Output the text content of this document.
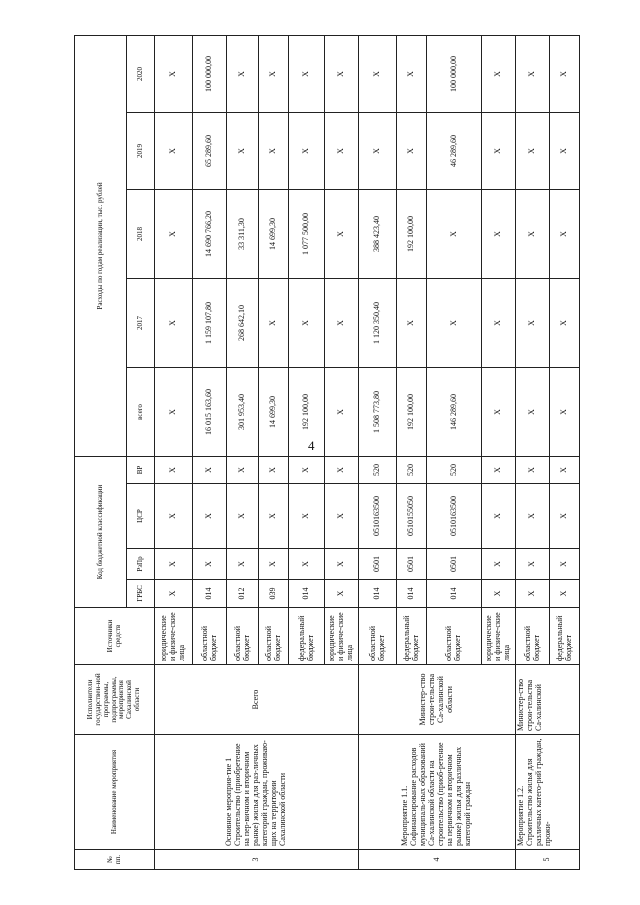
4
№ пп.	Наименование мероприятия	Исполнители государствен-ной программы, подпрограммы, мероприятия Сахалинской области	Источники средств	Код бюджетной классификации				Расходы по годам реализации, тыс. рублей				
				ГРБС	РзПр	ЦСР	ВР	всего	2017	2018	2019	2020
3	Основное мероприя-тие 1 Строительство (приобретение на пер-вичном и вторичном рынке) жилья для раз-личных категорий граждан, проживаю-щих на территории Сахалинской области	Всего	юридические и физиче-ские лица	Х	Х	Х	Х	Х	Х	Х	Х	Х
			областной бюджет	014	Х	Х	Х	16 015 163,60	1 159 107,80	14 690 766,20	65 289,60	100 000,00
			областной бюджет	012	Х	Х	Х	301 953,40	268 642,10	33 311,30	Х	Х
			областной бюджет	039	Х	Х	Х	14 699,30	Х	14 699,30	Х	Х
			федеральный бюджет	014	Х	Х	Х	192 100,00	Х	1 077 500,00	Х	Х
			юридические и физиче-ские лица	Х	Х	Х	Х	Х	Х	Х	Х	Х
4	Мероприятие 1.1. Софинансирование расходов муниципаль-ных образований Са-халинской области на строительство (приоб-ретение на первичном и вторичном рынке) жилья для различных категорий граждан	Министер-ство строи-тельства Са-халинской области	областной бюджет	014	0501	0510163500	520	1 508 773,80	1 120 350,40	388 423,40	Х	Х
			федеральный бюджет	014	0501	0510155050	520	192 100,00	Х	192 100,00	Х	Х
			областной бюджет	014	0501	0510163500	520	146 289,60	Х	Х	46 289,60	100 000,00
			юридические и физиче-ские лица	Х	Х	Х	Х	Х	Х	Х	Х	Х
5	Мероприятие 1.2. Строительство жилья для различных катего-рий граждан, прожи-	Министер-ство строи-тельства Са-халинской	областной бюджет	Х	Х	Х	Х	Х	Х	Х	Х	Х
			федеральный бюджет	Х	Х	Х	Х	Х	Х	Х	Х	Х
